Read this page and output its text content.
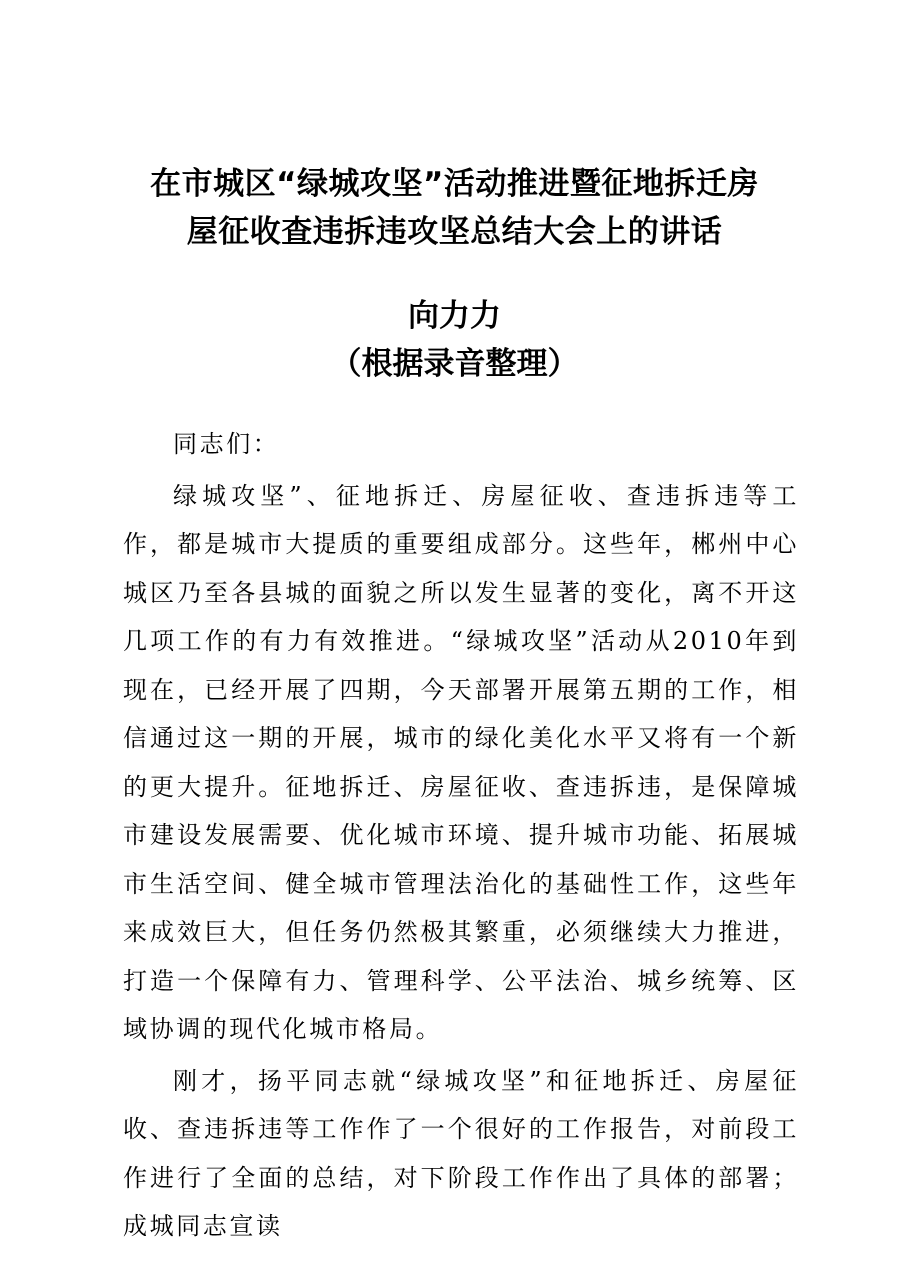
在市城区“绿城攻坚”活动推进暨征地拆迁房
屋征收查违拆违攻坚总结大会上的讲话
向力力
（根据录音整理）

同志们：

绿城攻坚”、征地拆迁、房屋征收、查违拆违等工作，都是城市大提质的重要组成部分。这些年，郴州中心城区乃至各县城的面貌之所以发生显著的变化，离不开这几项工作的有力有效推进。“绿城攻坚”活动从2010年到现在，已经开展了四期，今天部署开展第五期的工作，相信通过这一期的开展，城市的绿化美化水平又将有一个新的更大提升。征地拆迁、房屋征收、查违拆违，是保障城市建设发展需要、优化城市环境、提升城市功能、拓展城市生活空间、健全城市管理法治化的基础性工作，这些年来成效巨大，但任务仍然极其繁重，必须继续大力推进，打造一个保障有力、管理科学、公平法治、城乡统筹、区域协调的现代化城市格局。

刚才，扬平同志就“绿城攻坚”和征地拆迁、房屋征收、查违拆违等工作作了一个很好的工作报告，对前段工作进行了全面的总结，对下阶段工作作出了具体的部署；成城同志宣读
